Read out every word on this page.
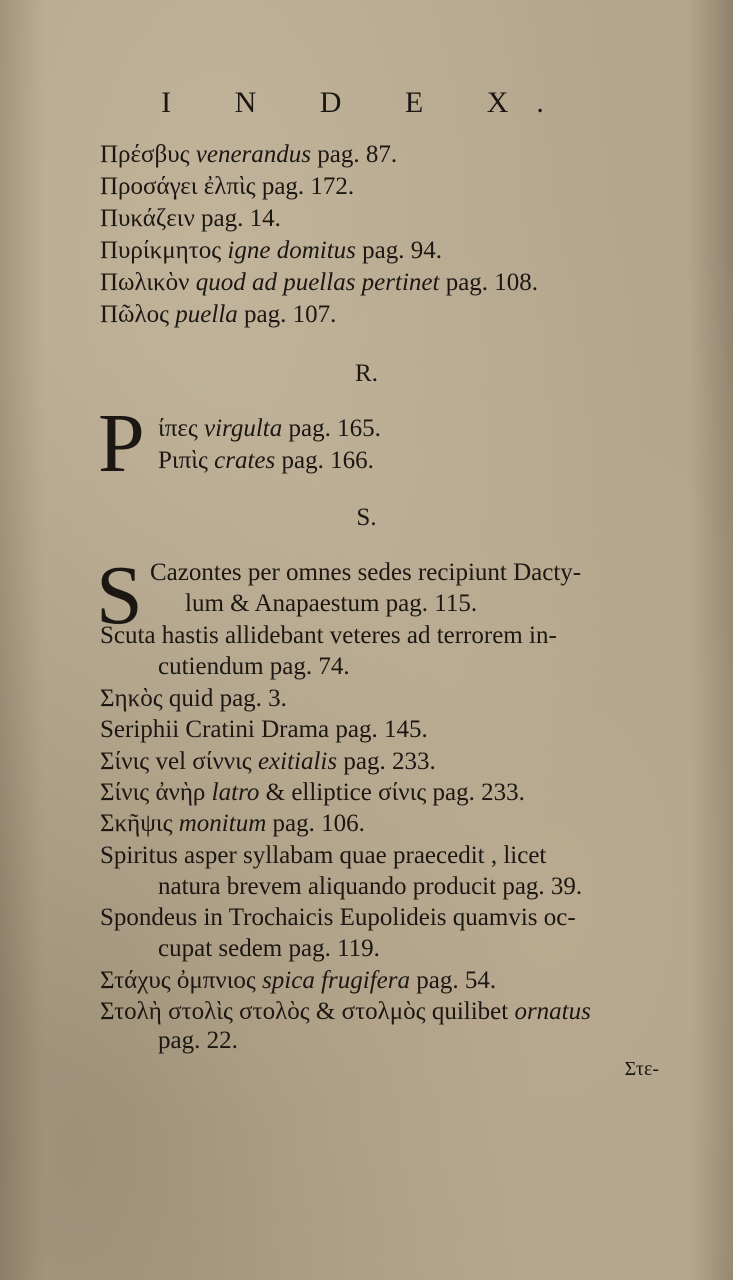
I N D E X.
Πρέσβυς venerandus pag. 87.
Προσάγει ἐλπὶς pag. 172.
Πυκάζειν pag. 14.
Πυρίκμητος igne domitus pag. 94.
Πωλικὸν quod ad puellas pertinet pag. 108.
Πῶλος puella pag. 107.
R.
P ίπες virgulta pag. 165.
Ριπὶς crates pag. 166.
S.
S Cazontes per omnes sedes recipiunt Dacty-
lum & Anapaestum pag. 115.
Scuta hastis allidebant veteres ad terrorem in-
cutiendum pag. 74.
Σηκὸς quid pag. 3.
Seriphii Cratini Drama pag. 145.
Σίνις vel σίννις exitialis pag. 233.
Σίνις ἀνὴρ latro & elliptice σίνις pag. 233.
Σκῆψις monitum pag. 106.
Spiritus asper syllabam quae praecedit , licet
natura brevem aliquando producit pag. 39.
Spondeus in Trochaicis Eupolideis quamvis oc-
cupat sedem pag. 119.
Στάχυς ὀμπνιος spica frugifera pag. 54.
Στολὴ στολὶς στολὸς & στολμὸς quilibet ornatus
pag. 22.
Στε-
